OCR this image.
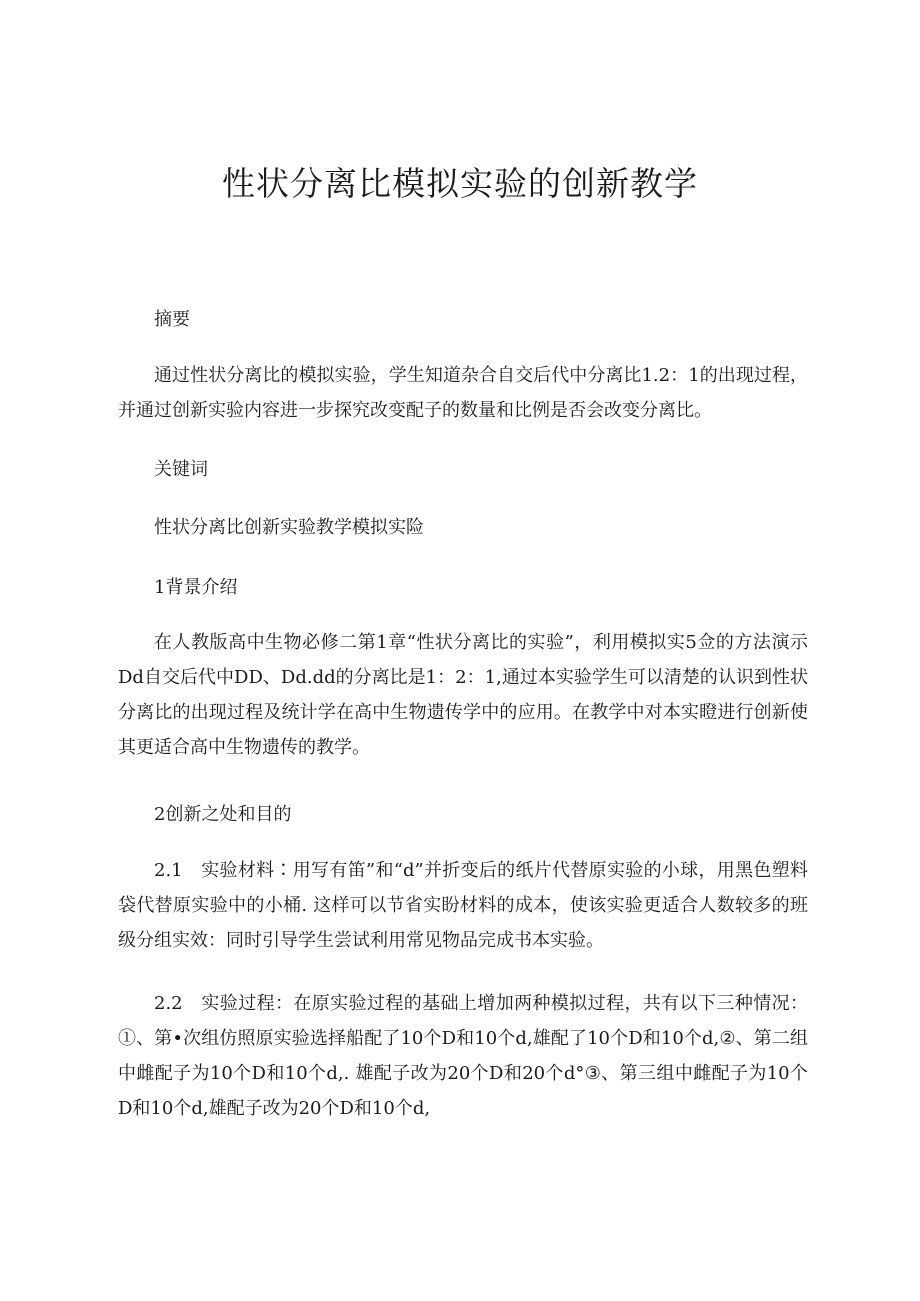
性状分离比模拟实验的创新教学

摘要

通过性状分离比的模拟实验，学生知道杂合自交后代中分离比1.2：1的出现过程，并通过创新实验内容进一步探究改变配子的数量和比例是否会改变分离比。

关键词

性状分离比创新实验教学模拟实险

1背景介绍

在人教版高中生物必修二第1章“性状分离比的实验”，利用模拟实5佥的方法演示Dd自交后代中DD、Dd.dd的分离比是1：2：1,通过本实验学生可以清楚的认识到性状分离比的出现过程及统计学在高中生物遗传学中的应用。在教学中对本实瞪进行创新使其更适合高中生物遗传的教学。

2创新之处和目的

2.1　实验材料∶用写有笛”和“d”并折变后的纸片代替原实验的小球，用黑色塑料袋代替原实验中的小桶. 这样可以节省实盼材料的成本，使该实验更适合人数较多的班级分组实效：同时引导学生尝试利用常见物品完成书本实验。

2.2　实验过程：在原实验过程的基础上增加两种模拟过程，共有以下三种情况：①、第•次组仿照原实验选择船配了10个D和10个d,雄配了10个D和10个d,②、第二组中雌配子为10个D和10个d,. 雄配子改为20个D和20个d°③、第三组中雌配子为10个D和10个d,雄配子改为20个D和10个d,
